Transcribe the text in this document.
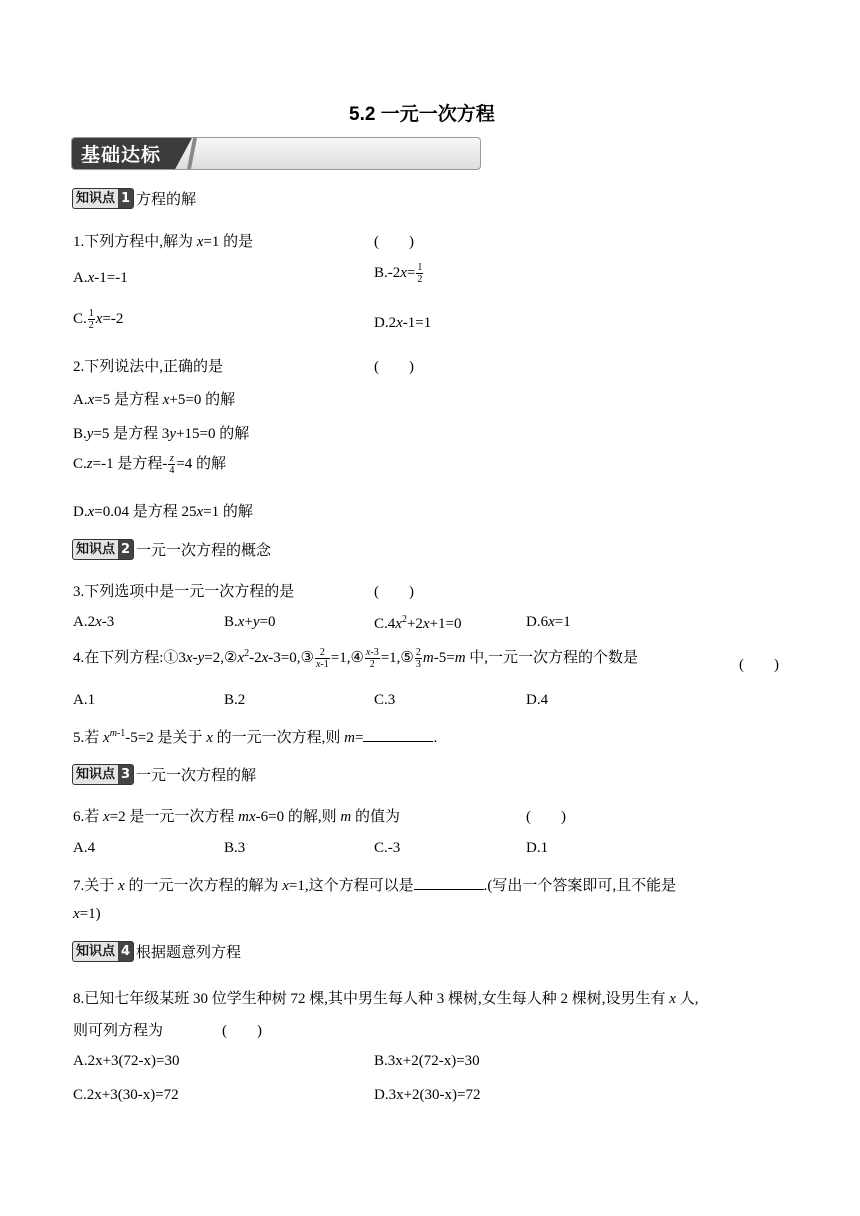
5.2 一元一次方程
基础达标
知识点 1 方程的解
1.下列方程中,解为 x=1 的是	(　　)
A.x-1=-1	$B.-2x= \frac{1}{2}$
C. $\frac{1}{2} x=-2$	D.2x-1=1
2.下列说法中,正确的是	(　　)
A.x=5 是方程 x+5=0 的解
B.y=5 是方程 3y+15=0 的解
C.z=-1 是方程- $\frac{z}{4} =4$ 的解
D.x=0.04 是方程 25x=1 的解
知识点 2 一元一次方程的概念
3.下列选项中是一元一次方程的是	(　　)
A.2x-3	B.x+y=0	$C.4x^2+2x+1=0$	D.6x=1
4.在下列方程$:①3x-y=2,②x^2-2x-3=0,③ \frac{2}{x-1}$ =1,④ $\frac{x-3}{2}$ =1,⑤ $\frac{2}{3} m-5=m$ 中,一元一次方程的个数是	(　　)
A.1	B.2	C.3	D.4
5.若 $x^{m-1}-5=2$ 是关于 x 的一元一次方程,则 m=	.
知识点 3 一元一次方程的解
6.若 x=2 是一元一次方程 mx-6=0 的解,则 m 的值为	(　　)
A.4	B.3	C.-3	D.1
7.关于 x 的一元一次方程的解为 x=1,这个方程可以是	.(写出一个答案即可,且不能是
x=1)
知识点 4 根据题意列方程
8.已知七年级某班 30 位学生种树 72 棵,其中男生每人种 3 棵树,女生每人种 2 棵树,设男生有 x 人,
则可列方程为	(　　)
A.2x+3(72-x)=30	B.3x+2(72-x)=30
C.2x+3(30-x)=72	D.3x+2(30-x)=72
